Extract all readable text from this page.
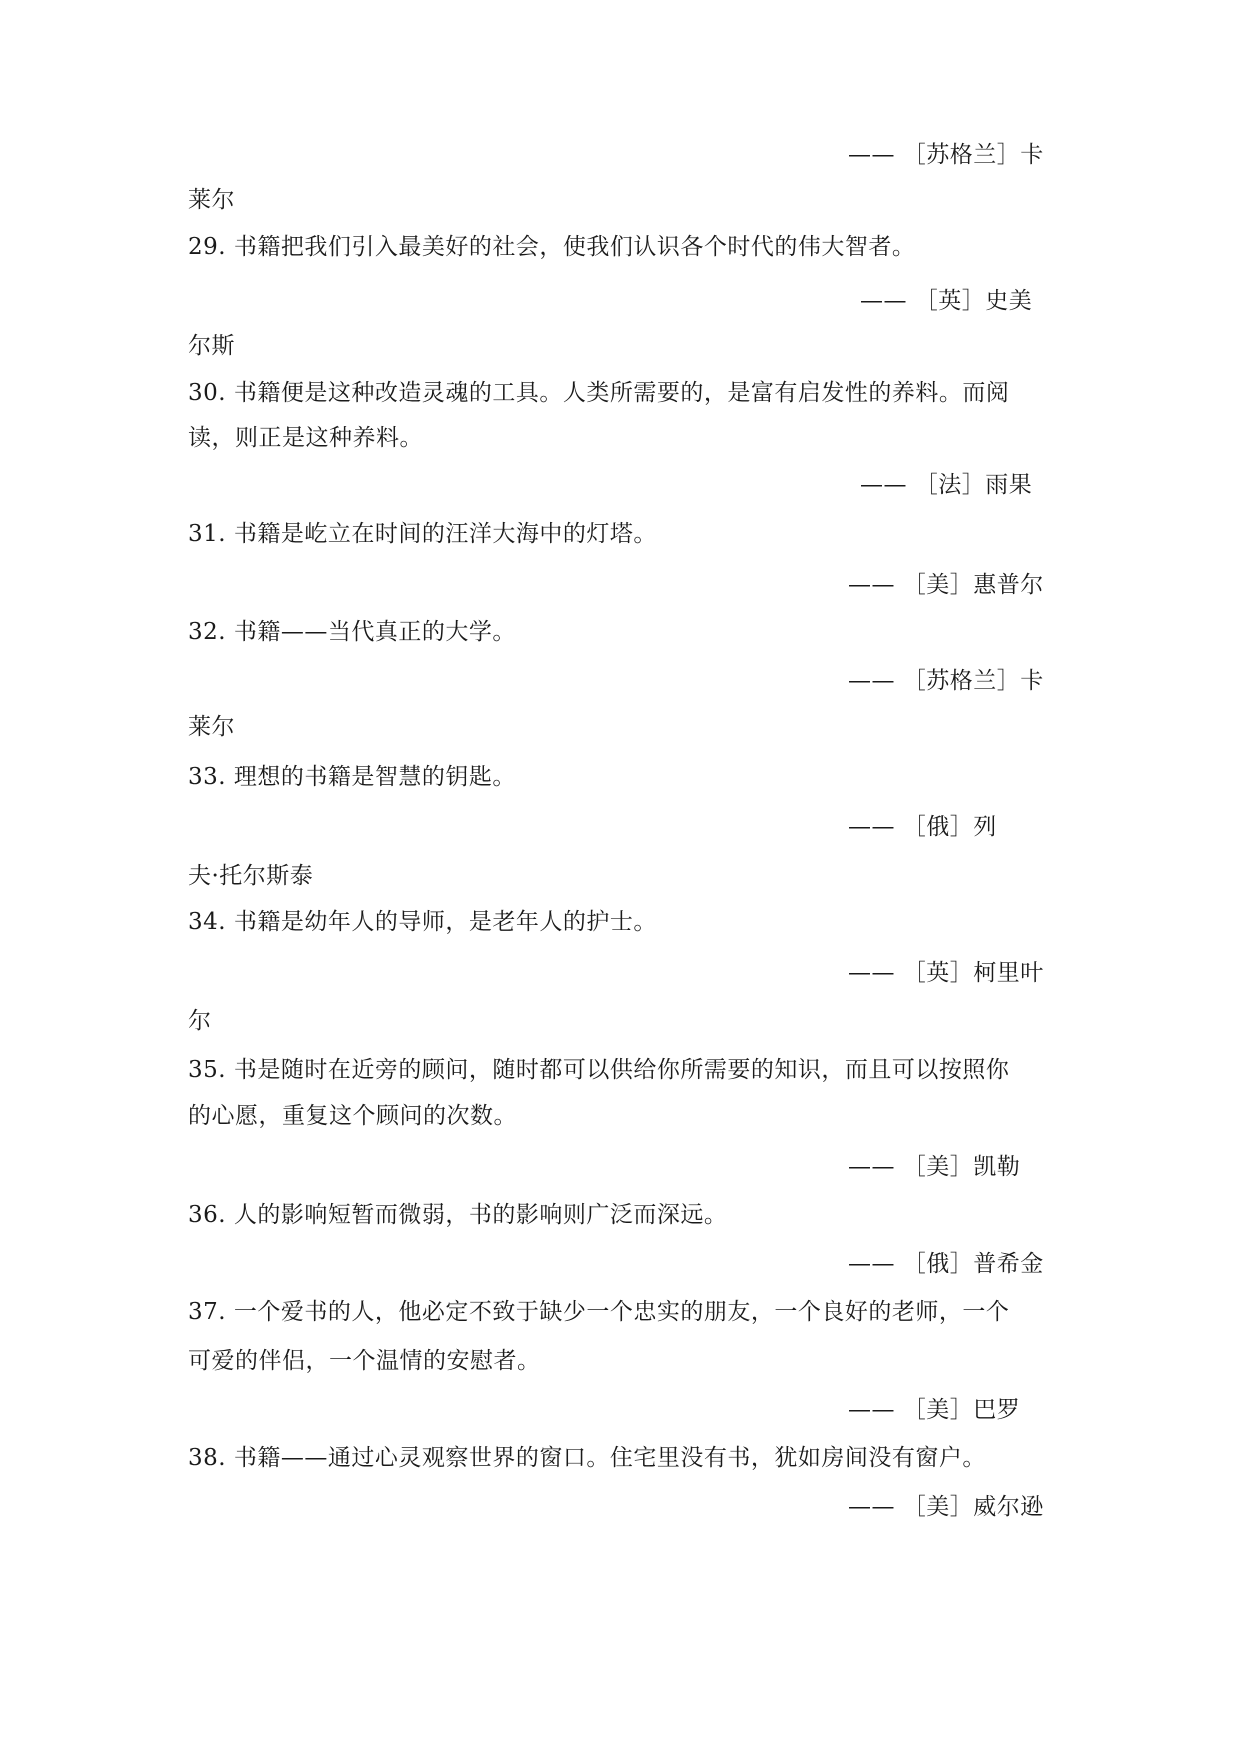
—— ［苏格兰］卡
莱尔
29. 书籍把我们引入最美好的社会，使我们认识各个时代的伟大智者。
—— ［英］史美
尔斯
30. 书籍便是这种改造灵魂的工具。人类所需要的，是富有启发性的养料。而阅
读，则正是这种养料。
—— ［法］雨果
31. 书籍是屹立在时间的汪洋大海中的灯塔。
—— ［美］惠普尔
32. 书籍——当代真正的大学。
—— ［苏格兰］卡
莱尔
33. 理想的书籍是智慧的钥匙。
—— ［俄］列
夫·托尔斯泰
34. 书籍是幼年人的导师，是老年人的护士。
—— ［英］柯里叶
尔
35. 书是随时在近旁的顾问，随时都可以供给你所需要的知识，而且可以按照你
的心愿，重复这个顾问的次数。
—— ［美］凯勒
36. 人的影响短暂而微弱，书的影响则广泛而深远。
—— ［俄］普希金
37. 一个爱书的人，他必定不致于缺少一个忠实的朋友，一个良好的老师，一个
可爱的伴侣，一个温情的安慰者。
—— ［美］巴罗
38. 书籍——通过心灵观察世界的窗口。住宅里没有书，犹如房间没有窗户。
—— ［美］威尔逊
